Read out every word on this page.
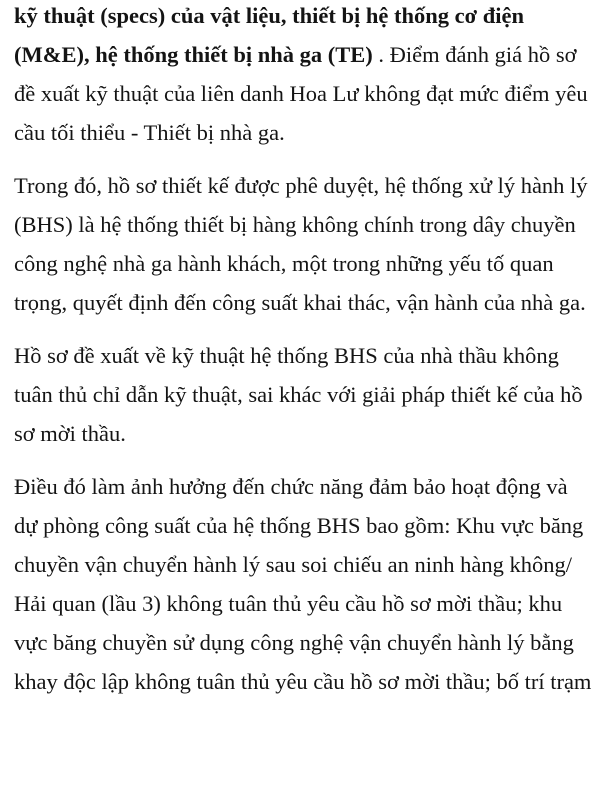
kỹ thuật (specs) của vật liệu, thiết bị hệ thống cơ điện (M&E), hệ thống thiết bị nhà ga (TE) . Điểm đánh giá hồ sơ đề xuất kỹ thuật của liên danh Hoa Lư không đạt mức điểm yêu cầu tối thiểu - Thiết bị nhà ga.

Trong đó, hồ sơ thiết kế được phê duyệt, hệ thống xử lý hành lý (BHS) là hệ thống thiết bị hàng không chính trong dây chuyền công nghệ nhà ga hành khách, một trong những yếu tố quan trọng, quyết định đến công suất khai thác, vận hành của nhà ga.

Hồ sơ đề xuất về kỹ thuật hệ thống BHS của nhà thầu không tuân thủ chỉ dẫn kỹ thuật, sai khác với giải pháp thiết kế của hồ sơ mời thầu.

Điều đó làm ảnh hưởng đến chức năng đảm bảo hoạt động và dự phòng công suất của hệ thống BHS bao gồm: Khu vực băng chuyền vận chuyển hành lý sau soi chiếu an ninh hàng không/ Hải quan (lầu 3) không tuân thủ yêu cầu hồ sơ mời thầu; khu vực băng chuyền sử dụng công nghệ vận chuyển hành lý bằng khay độc lập không tuân thủ yêu cầu hồ sơ mời thầu; bố trí trạm
